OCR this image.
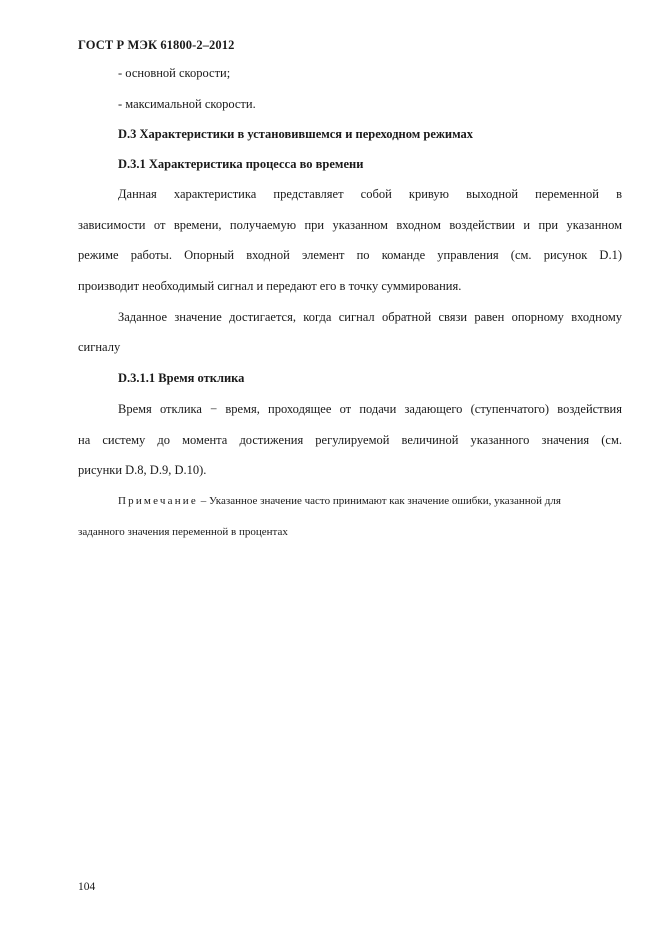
ГОСТ Р МЭК 61800-2–2012
- основной скорости;
- максимальной скорости.
D.3 Характеристики в установившемся и переходном режимах
D.3.1 Характеристика процесса во времени
Данная характеристика представляет собой кривую выходной переменной в
зависимости от времени, получаемую при указанном входном воздействии и при указанном
режиме работы. Опорный входной элемент по команде управления (см. рисунок D.1)
производит необходимый сигнал и передают его в точку суммирования.
Заданное значение достигается, когда сигнал обратной связи равен опорному входному
сигналу
D.3.1.1 Время отклика
Время отклика − время, проходящее от подачи задающего (ступенчатого) воздействия
на систему до момента достижения регулируемой величиной указанного значения (см.
рисунки D.8, D.9, D.10).
Примечание – Указанное значение часто принимают как значение ошибки, указанной для
заданного значения переменной в процентах
104
